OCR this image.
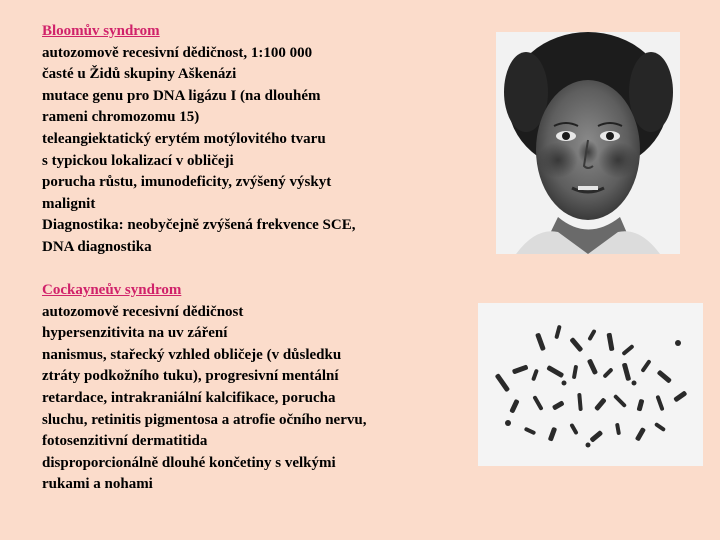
Bloomův syndrom
autozomově recesivní dědičnost, 1:100 000
časté u Židů skupiny Aškenázi
mutace genu pro DNA ligázu I (na dlouhém
rameni chromozomu 15)
teleangiektatický erytém motýlovitého tvaru
s typickou lokalizací v obličeji
porucha růstu, imunodeficity, zvýšený výskyt
malignit
Diagnostika: neobyčejně zvýšená frekvence SCE,
DNA diagnostika
Cockayneův syndrom
autozomově recesivní dědičnost
hypersenzitivita na uv záření
nanismus, stařecký vzhled obličeje (v důsledku
ztráty podkožního tuku), progresivní mentální
retardace, intrakraniální kalcifikace, porucha
sluchu, retinitis pigmentosa a atrofie očního nervu,
fotosenzitivní dermatitida
disproporcionálně dlouhé končetiny s velkými
rukami a nohami
